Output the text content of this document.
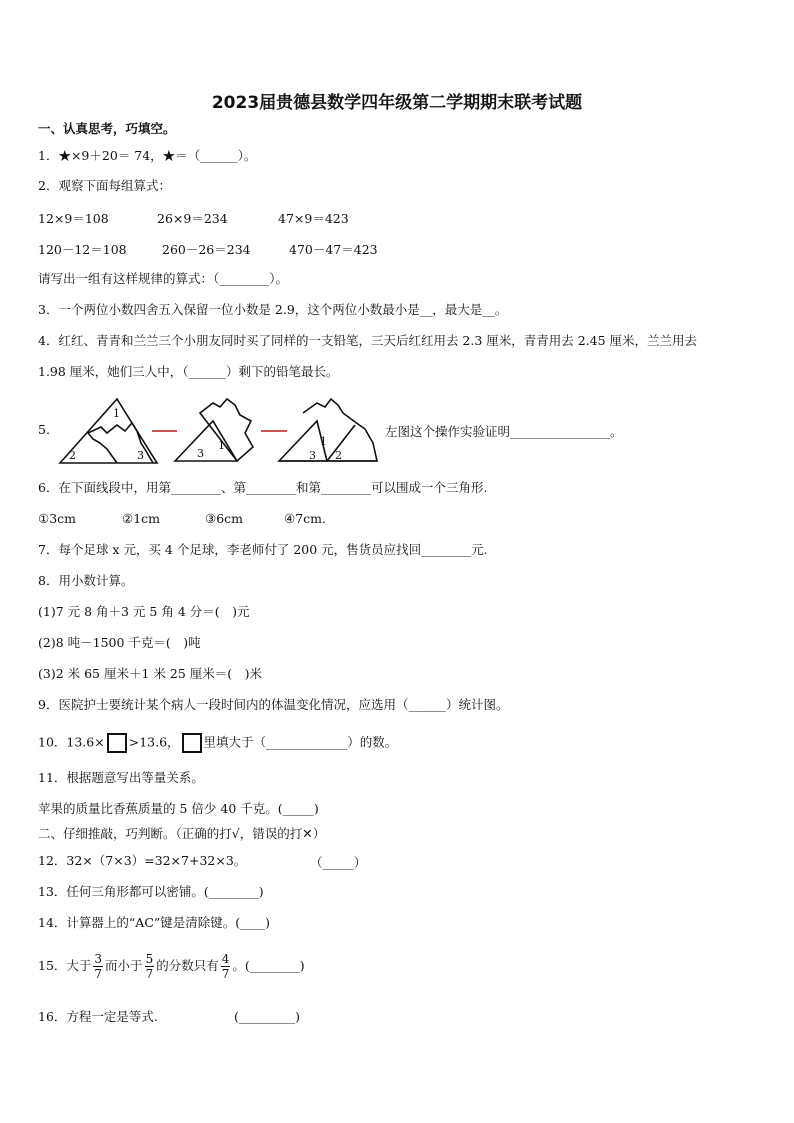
2023届贵德县数学四年级第二学期期末联考试题
一、认真思考，巧填空。
1．★×9＋20＝ 74，★＝（______）。
2．观察下面每组算式：
12×9＝108	26×9＝234	47×9＝423
120－12＝108	260－26＝234	470－47＝423
请写出一组有这样规律的算式：（________）。
3．一个两位小数四舍五入保留一位小数是 2.9，这个两位小数最小是__，最大是__。
4．红红、青青和兰兰三个小朋友同时买了同样的一支铅笔，三天后红红用去 2.3 厘米，青青用去 2.45 厘米，兰兰用去
1.98 厘米，她们三人中，（______）剩下的铅笔最长。
5.
1
2	3
1
3
1
3 2
左图这个操作实验证明________________。
6．在下面线段中，用第________、第________和第________可以围成一个三角形.
①3cm	②1cm	③6cm	④7cm.
7．每个足球 x 元，买 4 个足球，李老师付了 200 元，售货员应找回________元.
8．用小数计算。
(1)7 元 8 角＋3 元 5 角 4 分＝(　)元
(2)8 吨－1500 千克＝(　)吨
(3)2 米 65 厘米＋1 米 25 厘米＝(　)米
9．医院护士要统计某个病人一段时间内的体温变化情况，应选用（______）统计图。
10．13.6× >13.6， 里填大于（_____________）的数。
11．根据题意写出等量关系。
苹果的质量比香蕉质量的 5 倍少 40 千克。(_____)
二、仔细推敲，巧判断。（正确的打√，错误的打✕）
12．32×（7×3）=32×7+32×3。	（_____）
13．任何三角形都可以密铺。(________)
14．计算器上的“AC”键是清除键。(____)
15．大于 $\frac{3}{7}$ 而小于 $\frac{5}{7}$ 的分数只有 $\frac{4}{7}$ 。(________)
16．方程一定是等式.	(_________)
